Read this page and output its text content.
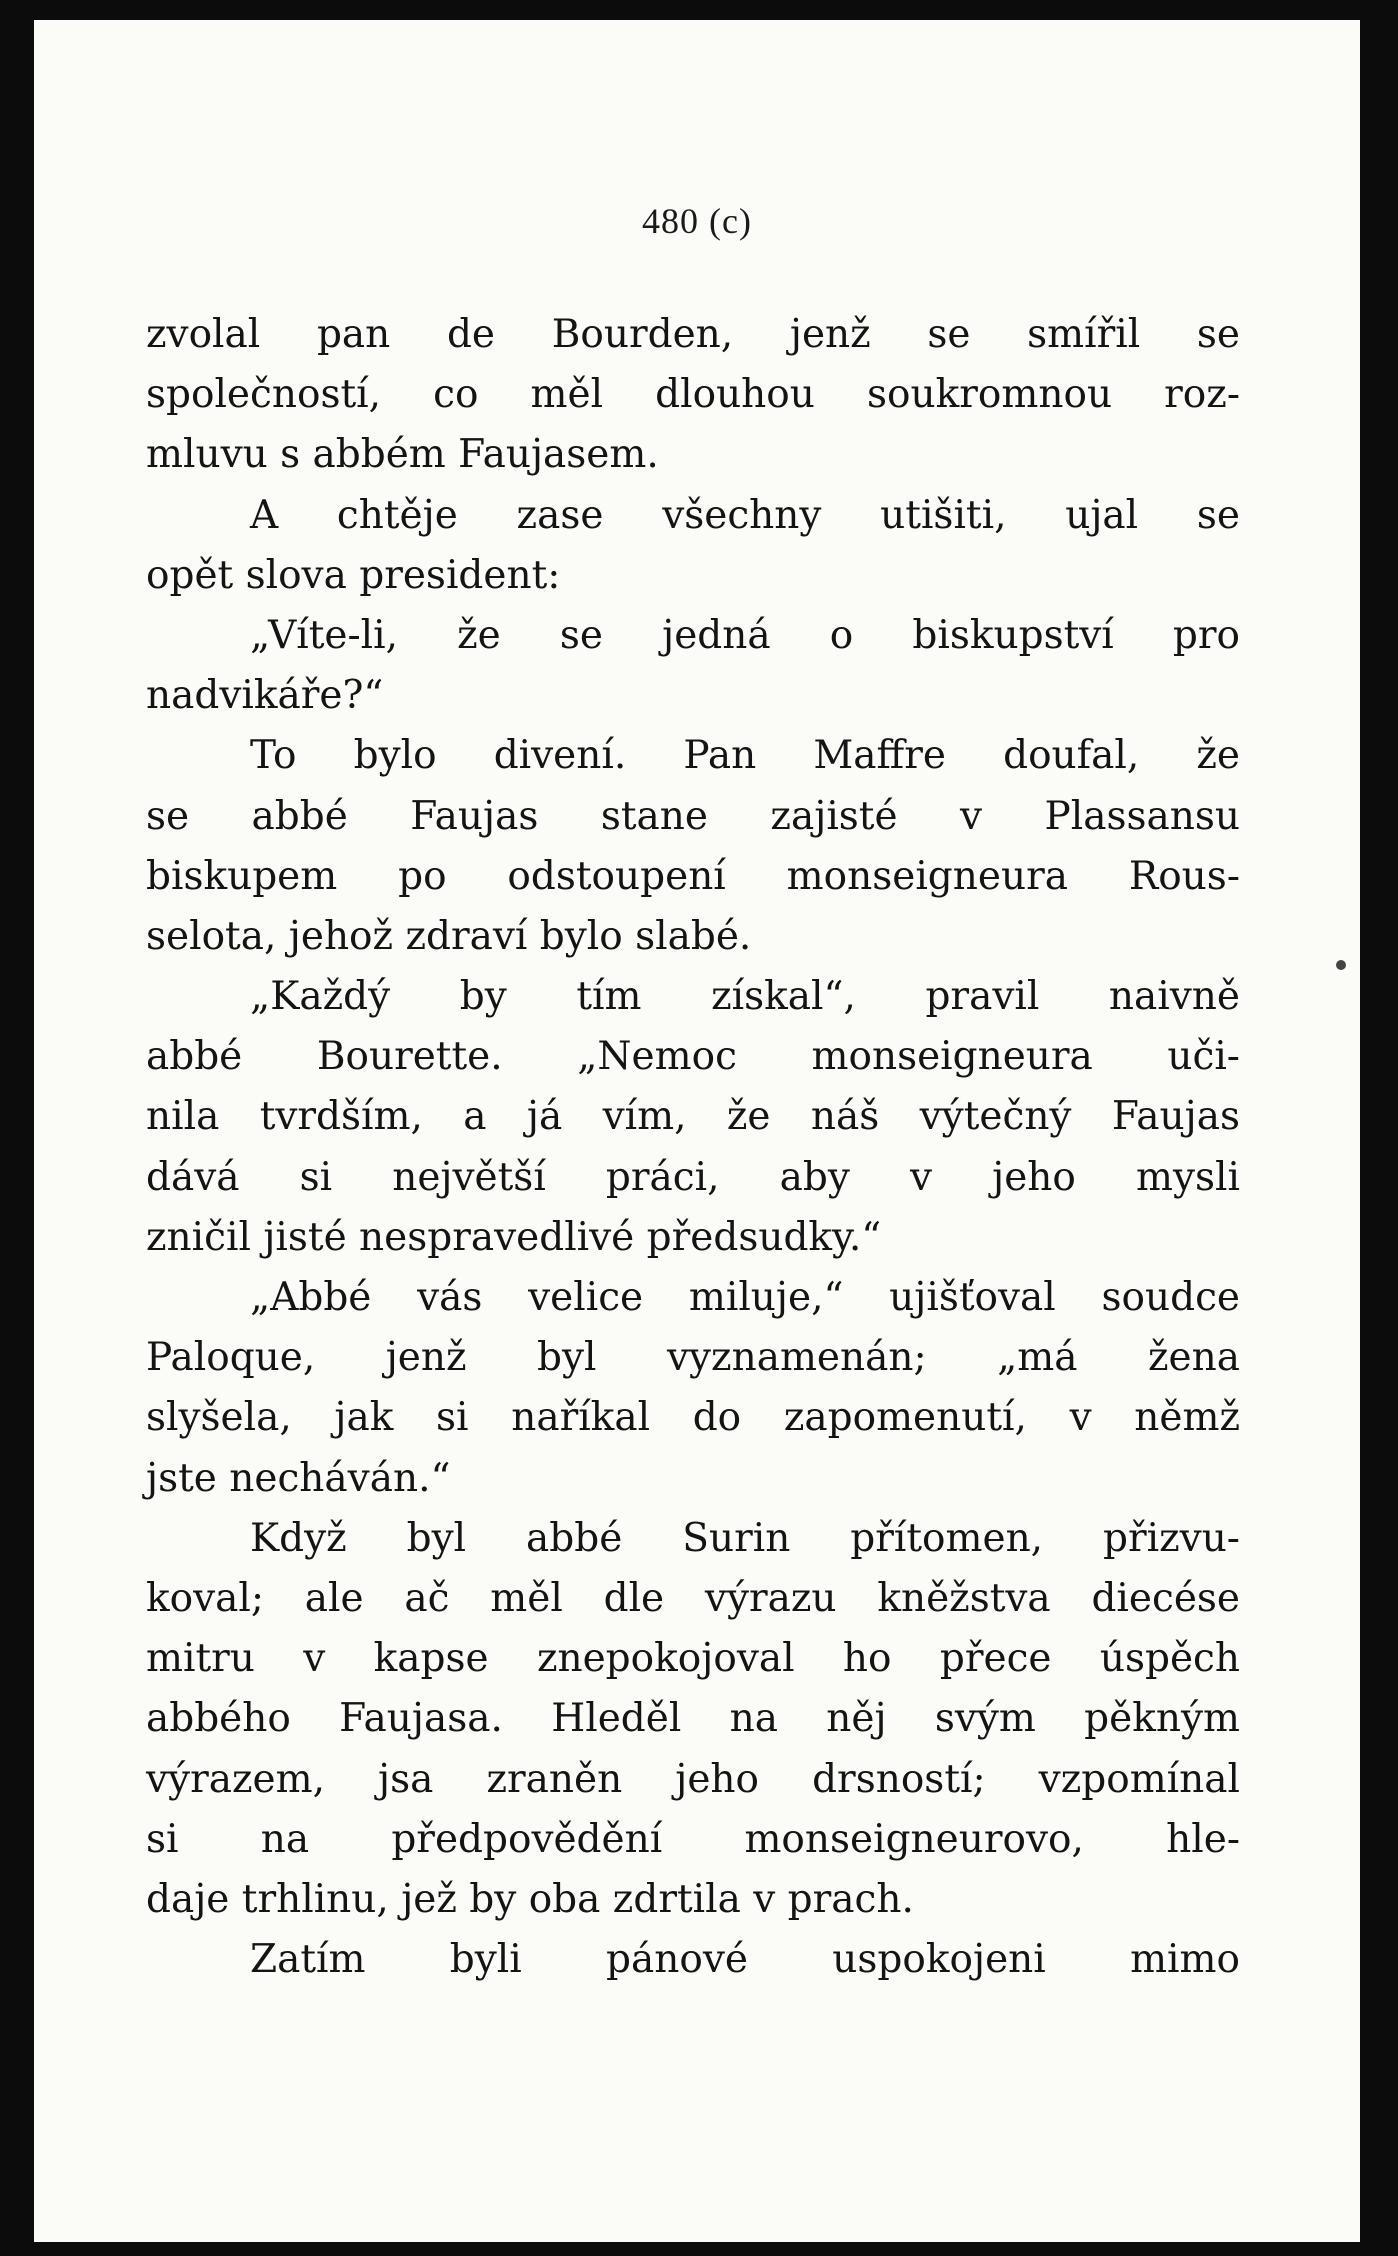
480 (c)
zvolal pan de Bourden, jenž se smířil se
společností, co měl dlouhou soukromnou roz-
mluvu s abbém Faujasem.
A chtěje zase všechny utišiti, ujal se
opět slova president:
„Víte-li, že se jedná o biskupství pro
nadvikáře?“
To bylo divení. Pan Maffre doufal, že
se abbé Faujas stane zajisté v Plassansu
biskupem po odstoupení monseigneura Rous-
selota, jehož zdraví bylo slabé.
„Každý by tím získal“, pravil naivně
abbé Bourette. „Nemoc monseigneura uči-
nila tvrdším, a já vím, že náš výtečný Faujas
dává si největší práci, aby v jeho mysli
zničil jisté nespravedlivé předsudky.“
„Abbé vás velice miluje,“ ujišťoval soudce
Paloque, jenž byl vyznamenán; „má žena
slyšela, jak si naříkal do zapomenutí, v němž
jste necháván.“
Když byl abbé Surin přítomen, přizvu-
koval; ale ač měl dle výrazu kněžstva diecése
mitru v kapse znepokojoval ho přece úspěch
abbého Faujasa. Hleděl na něj svým pěkným
výrazem, jsa zraněn jeho drsností; vzpomínal
si na předpovědění monseigneurovo, hle-
daje trhlinu, jež by oba zdrtila v prach.
Zatím byli pánové uspokojeni mimo
